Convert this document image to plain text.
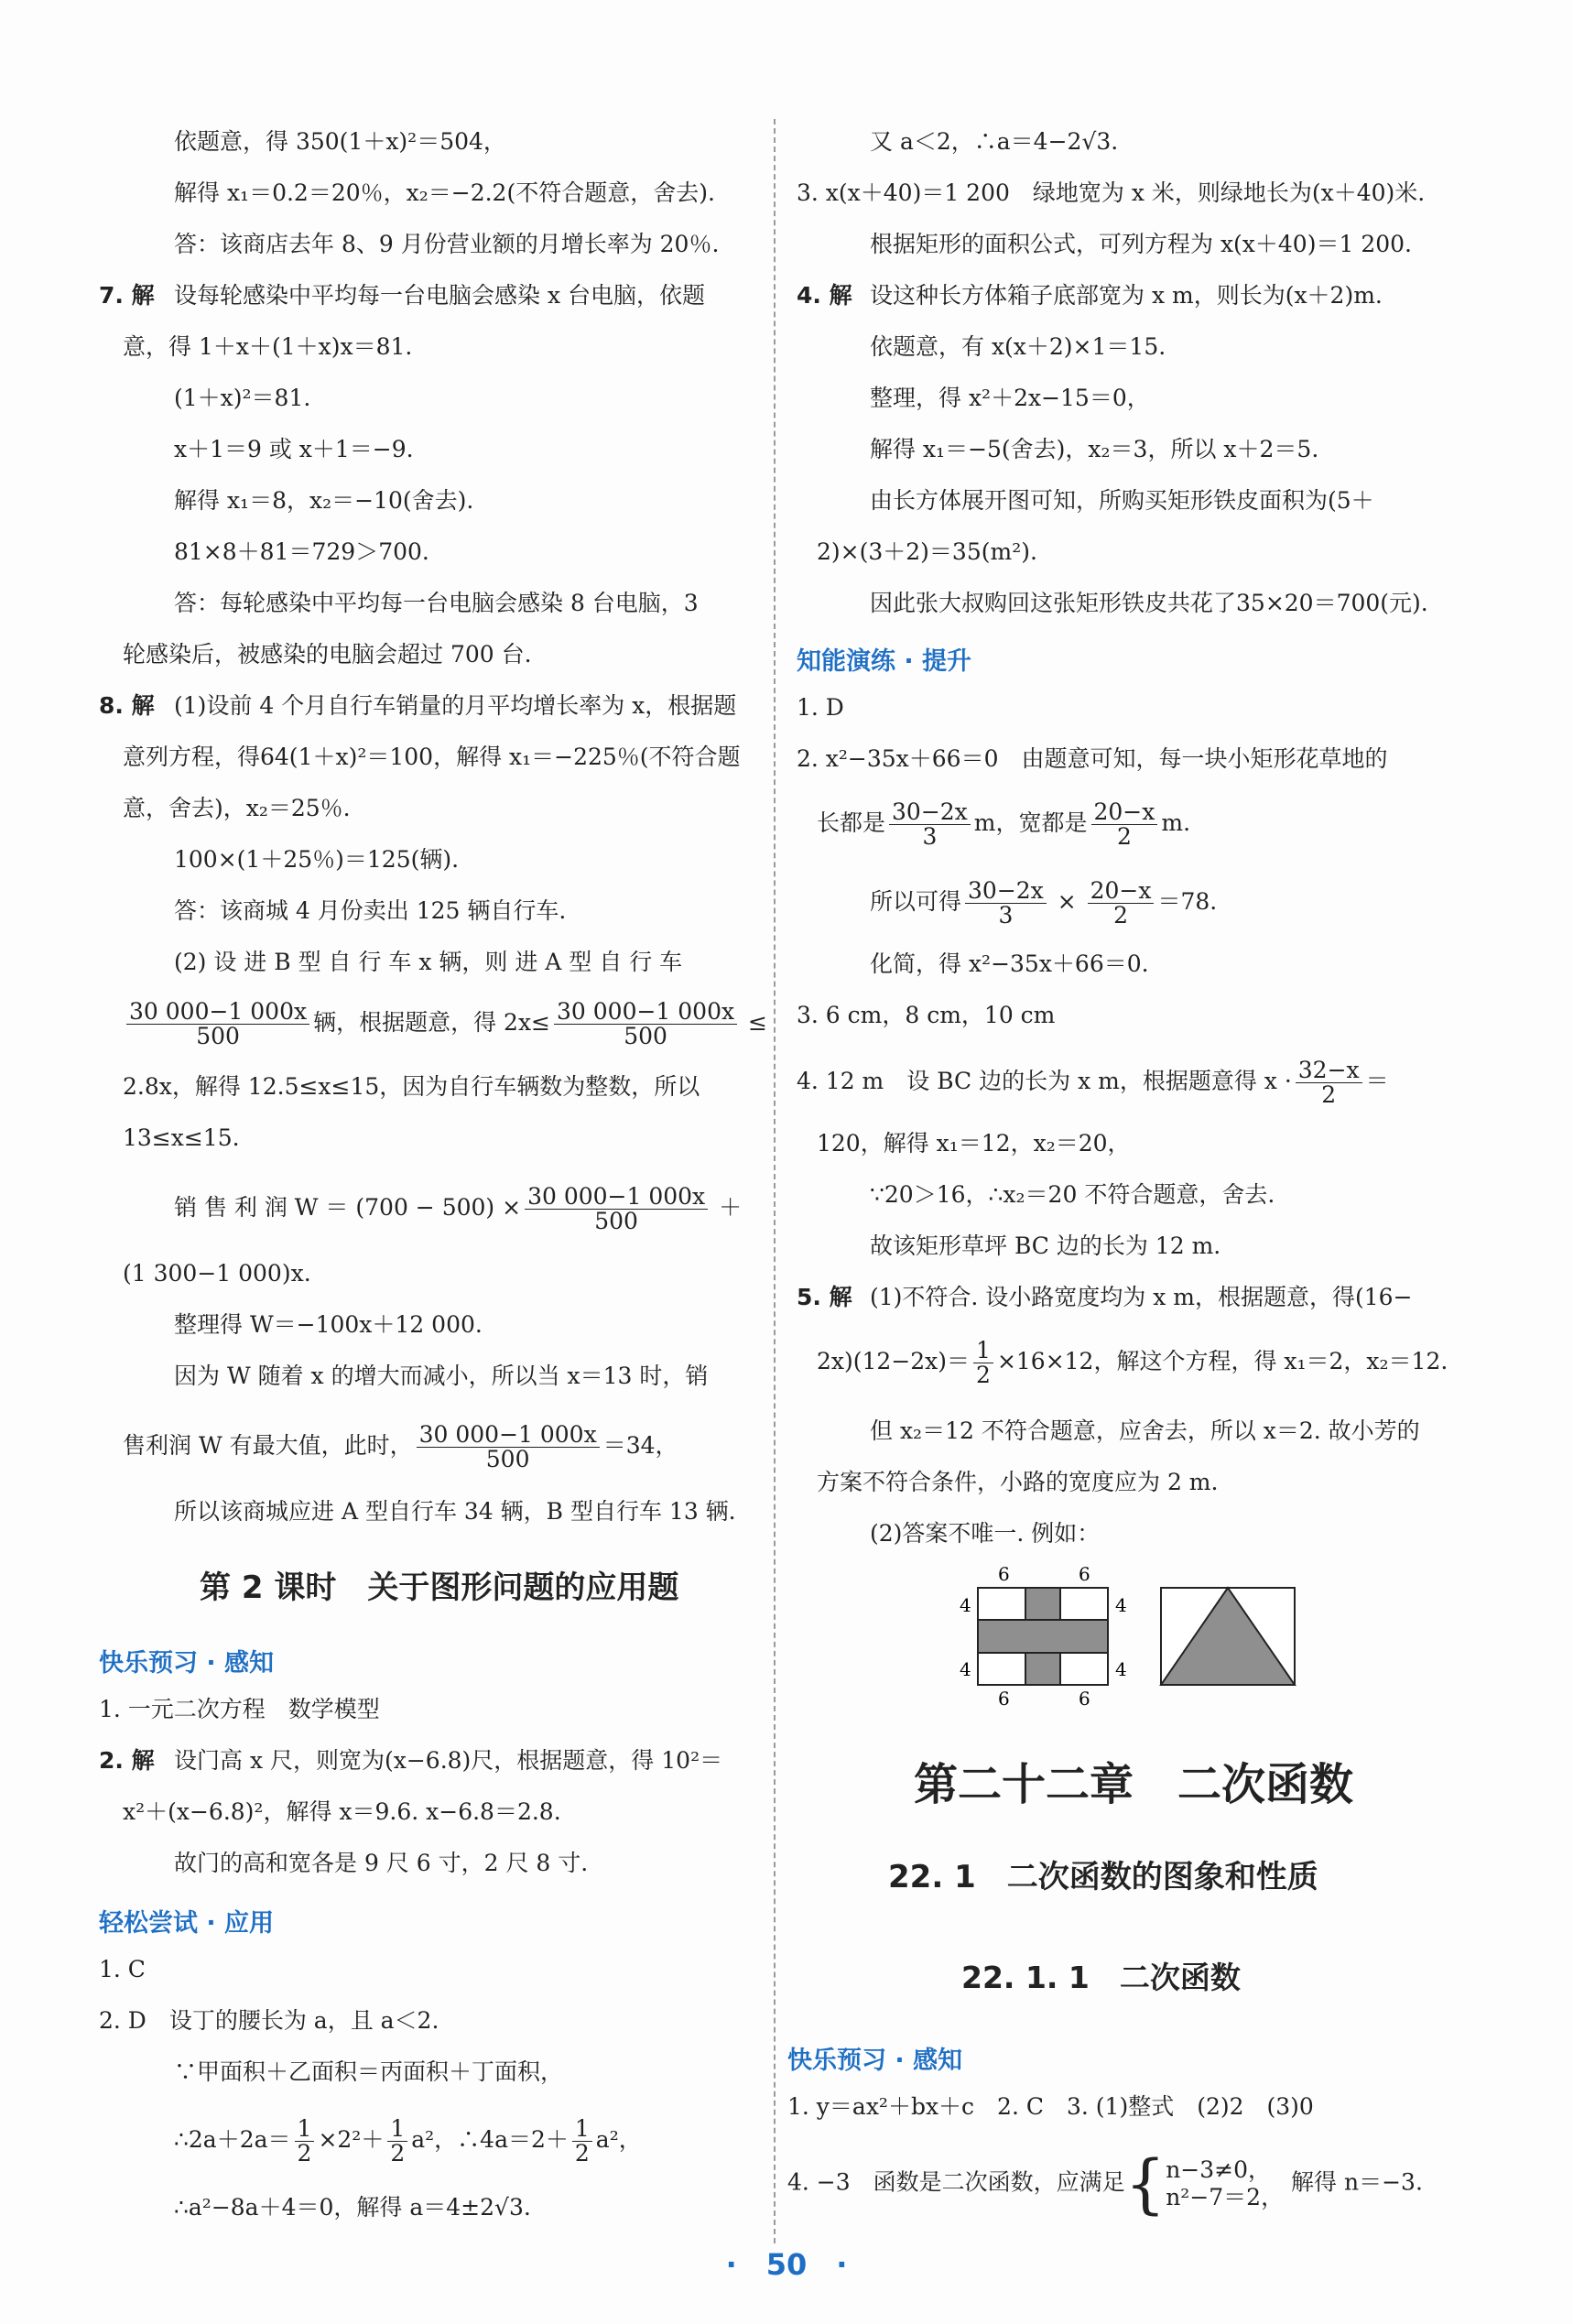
依题意，得 350(1＋x)²＝504，
解得 x₁＝0.2＝20％，x₂＝−2.2(不符合题意，舍去).
答：该商店去年 8、9 月份营业额的月增长率为 20％.
7. 解 设每轮感染中平均每一台电脑会感染 x 台电脑，依题
意，得 1＋x＋(1＋x)x＝81.
(1＋x)²＝81.
x＋1＝9 或 x＋1＝−9.
解得 x₁＝8，x₂＝−10(舍去).
81×8＋81＝729＞700.
答：每轮感染中平均每一台电脑会感染 8 台电脑，3
轮感染后，被感染的电脑会超过 700 台.
8. 解 (1)设前 4 个月自行车销量的月平均增长率为 x，根据题
意列方程，得64(1＋x)²＝100，解得 x₁＝−225％(不符合题
意，舍去)，x₂＝25％.
100×(1＋25％)＝125(辆).
答：该商城 4 月份卖出 125 辆自行车.
(2) 设 进 B 型 自 行 车 x 辆，则 进 A 型 自 行 车
$\frac{30 000-1 000x}{500}$ 辆，根据题意，得 $2x\le \frac{30 000-1 000x}{500}$ ≤
2.8x，解得 12.5≤x≤15，因为自行车辆数为整数，所以
13≤x≤15.
销 售 利 润 $W = (700 - 500) \times \frac{30 000-1 000x}{500}$ ＋
(1 300−1 000)x.
整理得 W＝−100x＋12 000.
因为 W 随着 x 的增大而减小，所以当 x＝13 时，销
售利润 W 有最大值，此时， $\frac{30 000-1 000x}{500} =34$，
所以该商城应进 A 型自行车 34 辆，B 型自行车 13 辆.
第 2 课时　关于图形问题的应用题
快乐预习 · 感知
1. 一元二次方程　数学模型
2. 解 设门高 x 尺，则宽为(x−6.8)尺，根据题意，得 10²＝
x²＋(x−6.8)²，解得 x＝9.6. x−6.8＝2.8.
故门的高和宽各是 9 尺 6 寸，2 尺 8 寸.
轻松尝试 · 应用
1. C
2. D　设丁的腰长为 a，且 a＜2.
∵甲面积＋乙面积＝丙面积＋丁面积，
∴2a＋2a＝ $\frac{1}{2} \times 2^2+ \frac{1}{2} a^2$，∴4a＝2＋ $\frac{1}{2} a^2$，
∴a²−8a＋4＝0，解得 a＝4±2√3.
又 a＜2，∴a＝4−2√3.
3. x(x＋40)＝1 200　绿地宽为 x 米，则绿地长为(x＋40)米.
根据矩形的面积公式，可列方程为 x(x＋40)＝1 200.
4. 解 设这种长方体箱子底部宽为 x m，则长为(x＋2)m.
依题意，有 x(x＋2)×1＝15.
整理，得 x²＋2x−15＝0，
解得 x₁＝−5(舍去)，x₂＝3，所以 x＋2＝5.
由长方体展开图可知，所购买矩形铁皮面积为(5＋
2)×(3＋2)＝35(m²).
因此张大叔购回这张矩形铁皮共花了35×20＝700(元).
知能演练 · 提升
1. D
2. x²−35x＋66＝0　由题意可知，每一块小矩形花草地的
长都是 $\frac{30-2x}{3}$ m，宽都是 $\frac{20-x}{2} m$.
所以可得 $\frac{30-2x}{3} \times \frac{20-x}{2} =78$.
化简，得 x²−35x＋66＝0.
3. 6 cm，8 cm，10 cm
4. 12 m　设 BC 边的长为 x m，根据题意得 $x \cdot \frac{32-x}{2}$ ＝
120，解得 x₁＝12，x₂＝20，
∵20＞16，∴x₂＝20 不符合题意，舍去.
故该矩形草坪 BC 边的长为 12 m.
5. 解 (1)不符合. 设小路宽度均为 x m，根据题意，得(16−
$2x)(12-2x)= \frac{1}{2} \times 16\times 12$，解这个方程，得 x₁＝2，x₂＝12.
但 x₂＝12 不符合题意，应舍去，所以 x＝2. 故小芳的
方案不符合条件，小路的宽度应为 2 m.
(2)答案不唯一. 例如：
6	6
4	4
4	4
6	6
第二十二章　二次函数
22. 1　二次函数的图象和性质
22. 1. 1　二次函数
快乐预习 · 感知
1. y＝ax²＋bx＋c　2. C　3. (1)整式　(2)2　(3)0
4. −3　函数是二次函数，应满足{ n−3≠0，
n²−7＝2，
解得 n＝−3.
·　50　·
